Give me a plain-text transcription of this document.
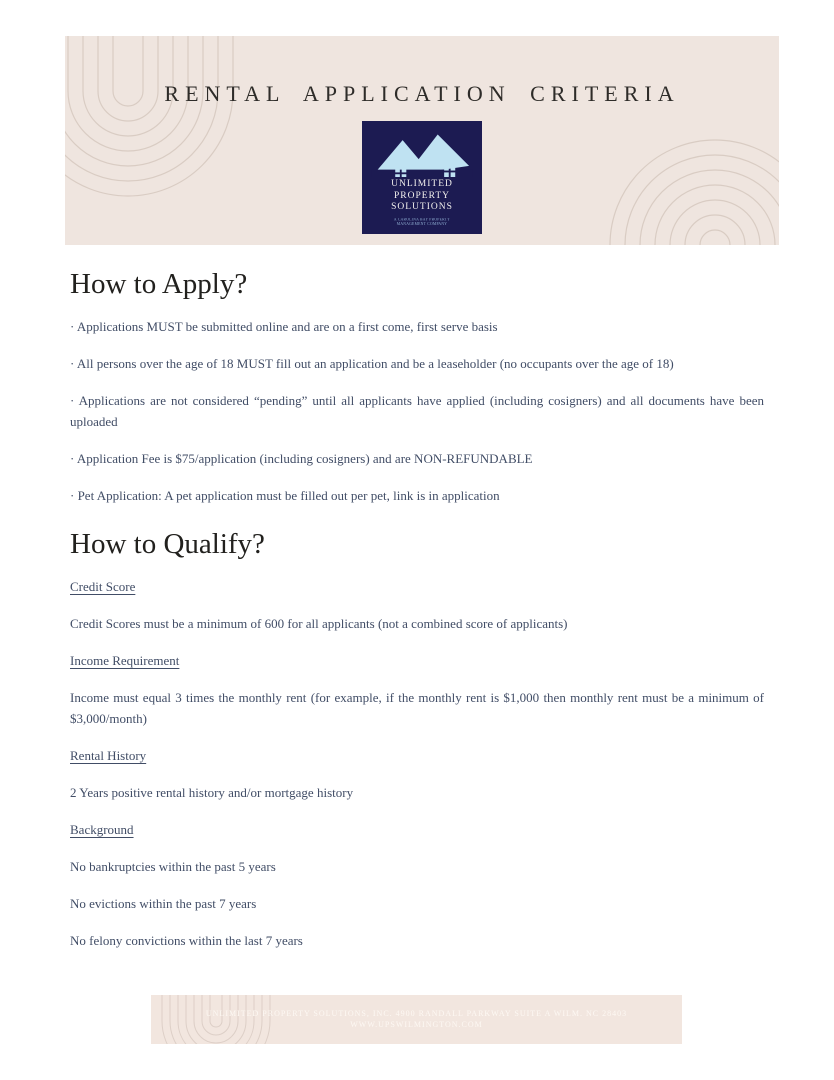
RENTAL APPLICATION CRITERIA
UNLIMITED
PROPERTY
SOLUTIONS
A CAROLINA BAY PROPERTY
MANAGEMENT COMPANY
How to Apply?

· Applications MUST be submitted online and are on a first come, first serve basis

· All persons over the age of 18 MUST fill out an application and be a leaseholder (no occupants over the age of 18)

· Applications are not considered “pending” until all applicants have applied (including cosigners) and all documents have been uploaded

· Application Fee is $75/application (including cosigners) and are NON-REFUNDABLE

· Pet Application: A pet application must be filled out per pet, link is in application

How to Qualify?
Credit Score

Credit Scores must be a minimum of 600 for all applicants (not a combined score of applicants)

Income Requirement

Income must equal 3 times the monthly rent (for example, if the monthly rent is $1,000 then monthly rent must be a minimum of $3,000/month)

Rental History

2 Years positive rental history and/or mortgage history

Background

No bankruptcies within the past 5 years

No evictions within the past 7 years

No felony convictions within the last 7 years

UNLIMITED PROPERTY SOLUTIONS, INC. 4900 RANDALL PARKWAY SUITE A WILM. NC 28403
WWW.UPSWILMINGTON.COM
